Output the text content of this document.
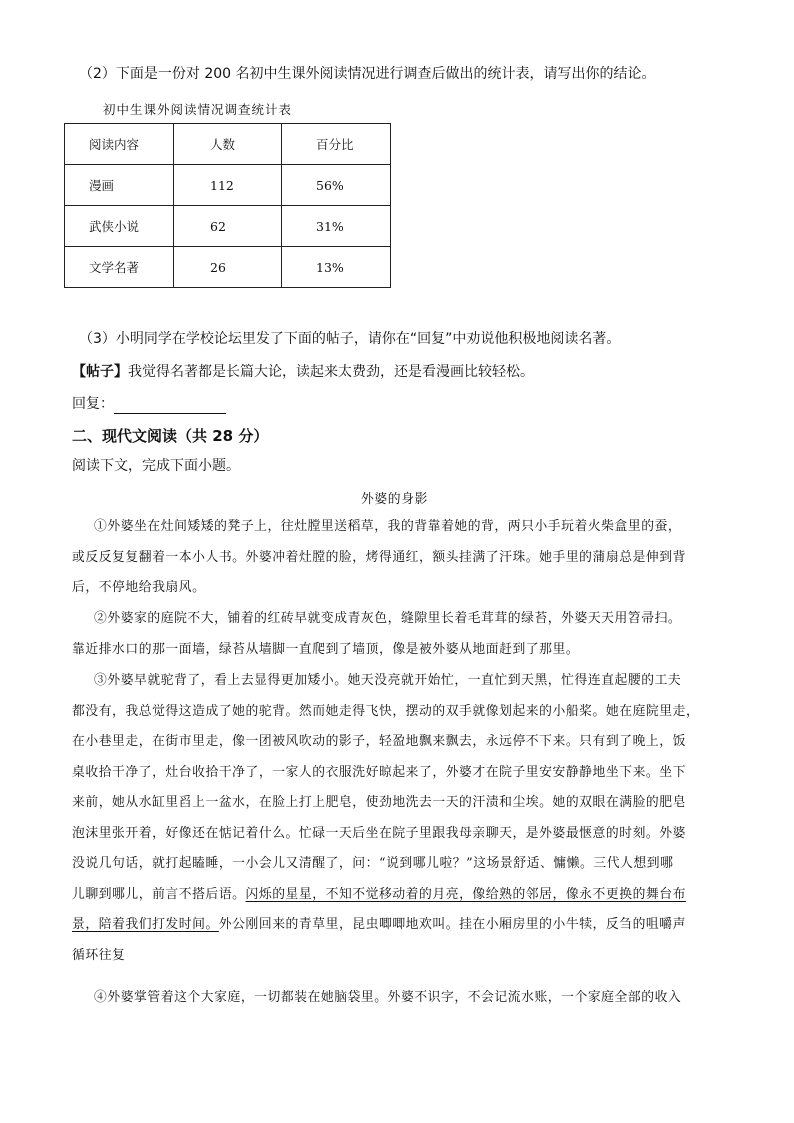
（2）下面是一份对 200 名初中生课外阅读情况进行调查后做出的统计表，请写出你的结论。
初中生课外阅读情况调查统计表
阅读内容	人数	百分比
漫画	112	56%
武侠小说	62	31%
文学名著	26	13%
（3）小明同学在学校论坛里发了下面的帖子，请你在“回复”中劝说他积极地阅读名著。
【帖子】我觉得名著都是长篇大论，读起来太费劲，还是看漫画比较轻松。
回复：
二、现代文阅读（共 28 分）
阅读下文，完成下面小题。
外婆的身影
①外婆坐在灶间矮矮的凳子上，往灶膛里送稻草，我的背靠着她的背，两只小手玩着火柴盒里的蚕，
或反反复复翻着一本小人书。外婆冲着灶膛的脸，烤得通红，额头挂满了汗珠。她手里的蒲扇总是伸到背
后，不停地给我扇风。
②外婆家的庭院不大，铺着的红砖早就变成青灰色，缝隙里长着毛茸茸的绿苔，外婆天天用笤帚扫。
靠近排水口的那一面墙，绿苔从墙脚一直爬到了墙顶，像是被外婆从地面赶到了那里。
③外婆早就驼背了，看上去显得更加矮小。她天没亮就开始忙，一直忙到天黑，忙得连直起腰的工夫
都没有，我总觉得这造成了她的驼背。然而她走得飞快，摆动的双手就像划起来的小船桨。她在庭院里走，
在小巷里走，在街市里走，像一团被风吹动的影子，轻盈地飘来飘去，永远停不下来。只有到了晚上，饭
桌收拾干净了，灶台收拾干净了，一家人的衣服洗好晾起来了，外婆才在院子里安安静静地坐下来。坐下
来前，她从水缸里舀上一盆水，在脸上打上肥皂，使劲地洗去一天的汗渍和尘埃。她的双眼在满脸的肥皂
泡沫里张开着，好像还在惦记着什么。忙碌一天后坐在院子里跟我母亲聊天，是外婆最惬意的时刻。外婆
没说几句话，就打起瞌睡，一小会儿又清醒了，问：“说到哪儿啦？”这场景舒适、慵懒。三代人想到哪
儿聊到哪儿，前言不搭后语。闪烁的星星，不知不觉移动着的月亮，像给熟的邻居，像永不更换的舞台布
景，陪着我们打发时间。外公刚回来的青草里，昆虫唧唧地欢叫。挂在小厢房里的小牛犊，反刍的咀嚼声
循环往复
④外婆掌管着这个大家庭，一切都装在她脑袋里。外婆不识字，不会记流水账，一个家庭全部的收入
